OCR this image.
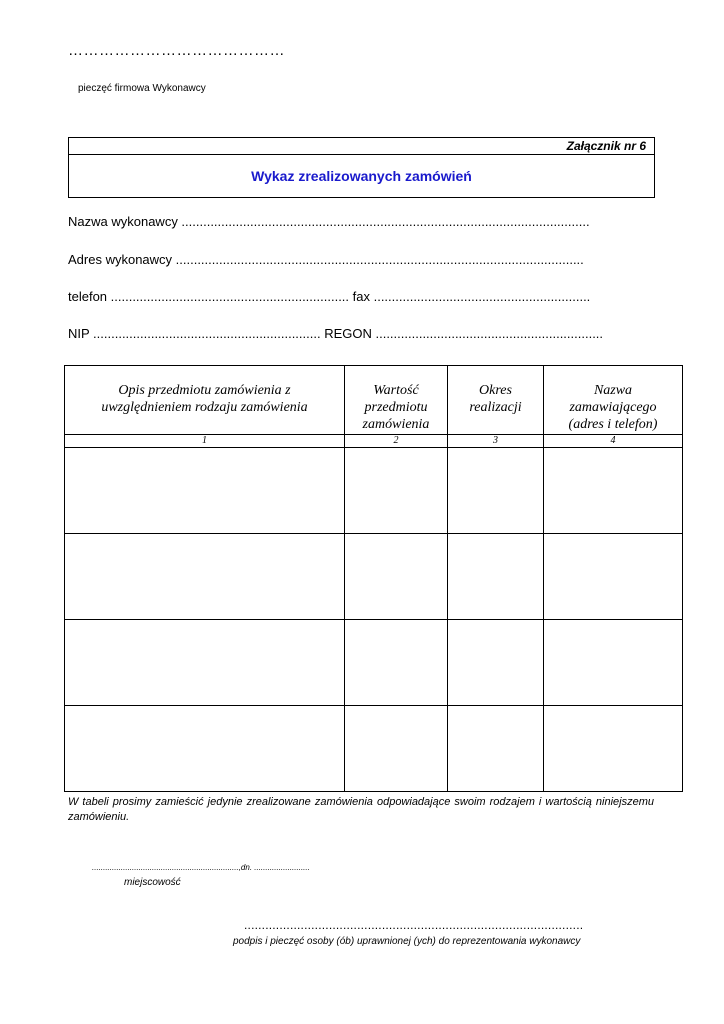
……………………………………
pieczęć firmowa Wykonawcy
Załącznik nr 6
Wykaz zrealizowanych zamówień
Nazwa wykonawcy .................................................................................................................
Adres wykonawcy .................................................................................................................
telefon .................................................................. fax ............................................................
NIP ............................................................... REGON ...............................................................
Opis przedmiotu zamówienia z uwzględnieniem rodzaju zamówienia	Wartość przedmiotu zamówienia	Okres realizacji	Nazwa zamawiającego (adres i telefon)
1	2	3	4

W tabeli prosimy zamieścić jedynie zrealizowane zamówienia odpowiadające swoim rodzajem i wartością niniejszemu zamówieniu.
..................................................................,dn. .........................
miejscowość
................................................................................................
podpis i pieczęć osoby (ób) uprawnionej (ych) do reprezentowania wykonawcy
